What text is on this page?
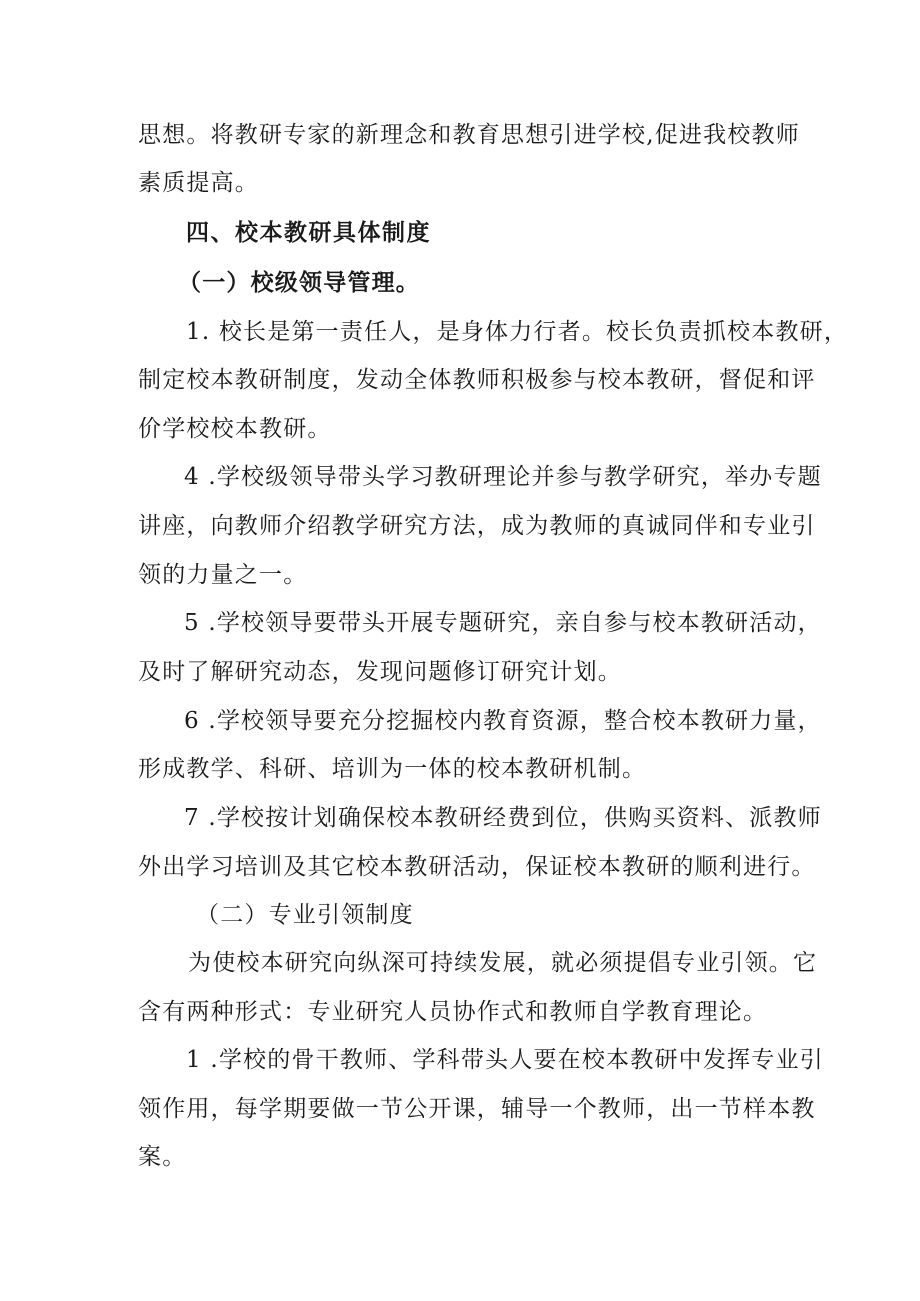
思想。将教研专家的新理念和教育思想引进学校,促进我校教师
素质提高。
四、校本教研具体制度
（一）校级领导管理。
1. 校长是第一责任人，是身体力行者。校长负责抓校本教研，
制定校本教研制度，发动全体教师积极参与校本教研，督促和评
价学校校本教研。
4 .学校级领导带头学习教研理论并参与教学研究，举办专题
讲座，向教师介绍教学研究方法，成为教师的真诚同伴和专业引
领的力量之一。
5 .学校领导要带头开展专题研究，亲自参与校本教研活动，
及时了解研究动态，发现问题修订研究计划。
6 .学校领导要充分挖掘校内教育资源，整合校本教研力量，
形成教学、科研、培训为一体的校本教研机制。
7 .学校按计划确保校本教研经费到位，供购买资料、派教师
外出学习培训及其它校本教研活动，保证校本教研的顺利进行。
（二）专业引领制度
为使校本研究向纵深可持续发展，就必须提倡专业引领。它
含有两种形式：专业研究人员协作式和教师自学教育理论。
1 .学校的骨干教师、学科带头人要在校本教研中发挥专业引
领作用，每学期要做一节公开课，辅导一个教师，出一节样本教
案。
